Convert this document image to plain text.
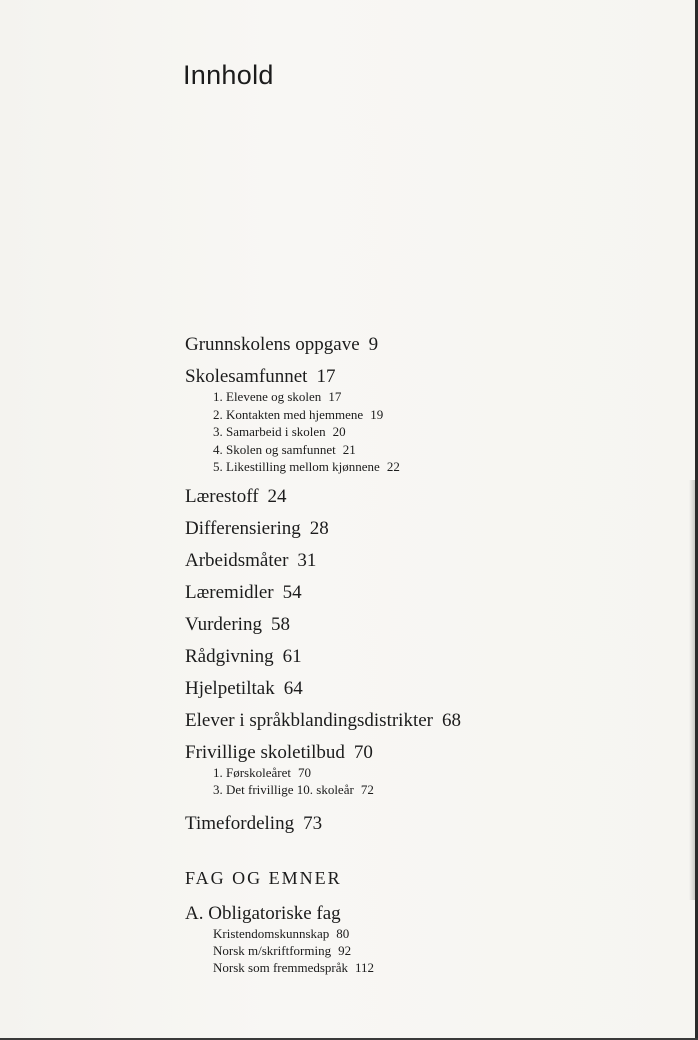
Innhold
Grunnskolens oppgave 9
Skolesamfunnet 17
1. Elevene og skolen 17
2. Kontakten med hjemmene 19
3. Samarbeid i skolen 20
4. Skolen og samfunnet 21
5. Likestilling mellom kjønnene 22
Lærestoff 24
Differensiering 28
Arbeidsmåter 31
Læremidler 54
Vurdering 58
Rådgivning 61
Hjelpetiltak 64
Elever i språkblandingsdistrikter 68
Frivillige skoletilbud 70
1. Førskoleåret 70
3. Det frivillige 10. skoleår 72
Timefordeling 73
FAG OG EMNER
A. Obligatoriske fag
Kristendomskunnskap 80
Norsk m/skriftforming 92
Norsk som fremmedspråk 112
